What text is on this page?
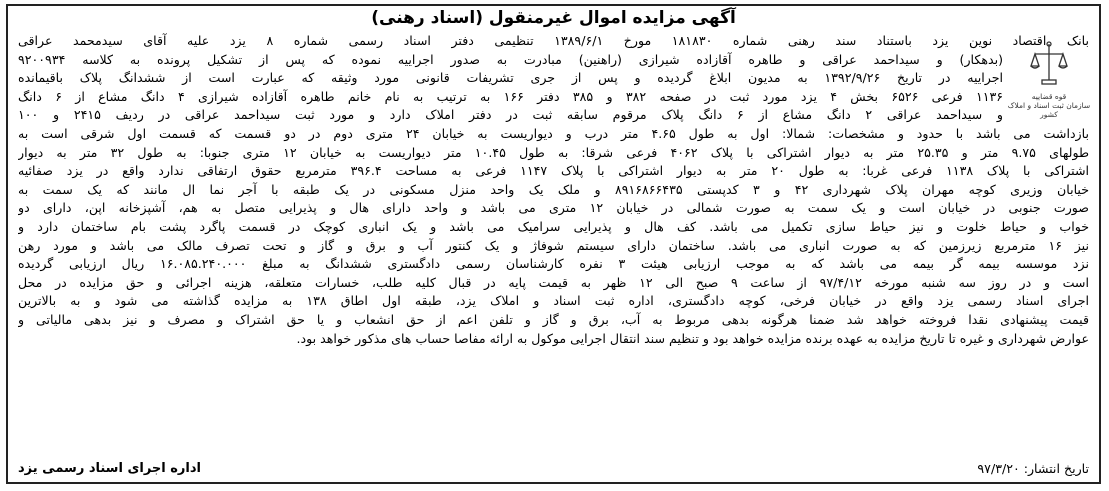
آگهی مزایده اموال غیرمنقول (اسناد رهنی)
قوه قضاییه
سازمان ثبت اسناد و املاک کشور
بانک اقتصاد نوین یزد باستناد سند رهنی شماره ۱۸۱۸۳۰ مورخ ۱۳۸۹/۶/۱ تنظیمی دفتر اسناد رسمی شماره ۸ یزد علیه آقای سیدمحمد عراقی
(بدهکار) و سیداحمد عراقی و طاهره آقازاده شیرازی (راهنین) مبادرت به صدور اجراییه نموده که پس از تشکیل پرونده به کلاسه ۹۲۰۰۹۳۴
اجراییه در تاریخ ۱۳۹۲/۹/۲۶ به مدیون ابلاغ گردیده و پس از جری تشریفات قانونی مورد وثیقه که عبارت است از ششدانگ پلاک باقیمانده
۱۱۳۶ فرعی ۶۵۲۶ بخش ۴ یزد مورد ثبت در صفحه ۳۸۲ و ۳۸۵ دفتر ۱۶۶ به ترتیب به نام خانم طاهره آقازاده شیرازی ۴ دانگ مشاع از ۶ دانگ
و سیداحمد عراقی ۲ دانگ مشاع از ۶ دانگ پلاک مرقوم سابقه ثبت در دفتر املاک دارد و مورد ثبت سیداحمد عراقی در ردیف ۲۴۱۵ و ۱۰۰
بازداشت می باشد با حدود و مشخصات: شمالا: اول به طول ۴.۶۵ متر درب و دیواریست به خیابان ۲۴ متری دوم در دو قسمت که قسمت اول شرقی است به
طولهای ۹.۷۵ متر و ۲۵.۳۵ متر به دیوار اشتراکی با پلاک ۴۰۶۲ فرعی شرقا: به طول ۱۰.۴۵ متر دیواریست به خیابان ۱۲ متری جنوبا: به طول ۳۲ متر به دیوار
اشتراکی با پلاک ۱۱۳۸ فرعی غربا: به طول ۲۰ متر به دیوار اشتراکی با پلاک ۱۱۴۷ فرعی به مساحت ۳۹۶.۴ مترمربع حقوق ارتفاقی ندارد واقع در یزد صفائیه
خیابان وزیری کوچه مهران پلاک شهرداری ۴۲ و ۳ کدپستی ۸۹۱۶۸۶۶۴۳۵ و ملک یک واحد منزل مسکونی در یک طبقه با آجر نما ال مانند که یک سمت به
صورت جنوبی در خیابان است و یک سمت به صورت شمالی در خیابان ۱۲ متری می باشد و واحد دارای هال و پذیرایی متصل به هم، آشپزخانه اپن، دارای دو
خواب و حیاط خلوت و نیز حیاط سازی تکمیل می باشد. کف هال و پذیرایی سرامیک می باشد و یک انباری کوچک در قسمت پاگرد پشت بام ساختمان دارد و
نیز ۱۶ مترمربع زیرزمین که به صورت انباری می باشد. ساختمان دارای سیستم شوفاژ و یک کنتور آب و برق و گاز و تحت تصرف مالک می باشد و مورد رهن
نزد موسسه بیمه گر بیمه می باشد که به موجب ارزیابی هیئت ۳ نفره کارشناسان رسمی دادگستری ششدانگ به مبلغ ۱۶.۰۸۵.۲۴۰.۰۰۰ ریال ارزیابی گردیده
است و در روز سه شنبه مورخه ۹۷/۴/۱۲ از ساعت ۹ صبح الی ۱۲ ظهر به قیمت پایه در قبال کلیه طلب، خسارات متعلقه، هزینه اجرائی و حق مزایده در محل
اجرای اسناد رسمی یزد واقع در خیابان فرخی، کوچه دادگستری، اداره ثبت اسناد و املاک یزد، طبقه اول اطاق ۱۳۸ به مزایده گذاشته می شود و به بالاترین
قیمت پیشنهادی نقدا فروخته خواهد شد ضمنا هرگونه بدهی مربوط به آب، برق و گاز و تلفن اعم از حق انشعاب و یا حق اشتراک و مصرف و نیز بدهی مالیاتی و
عوارض شهرداری و غیره تا تاریخ مزایده به عهده برنده مزایده خواهد بود و تنظیم سند انتقال اجرایی موکول به ارائه مفاصا حساب های مذکور خواهد بود.
تاریخ انتشار: ۹۷/۳/۲۰
اداره اجرای اسناد رسمی یزد
